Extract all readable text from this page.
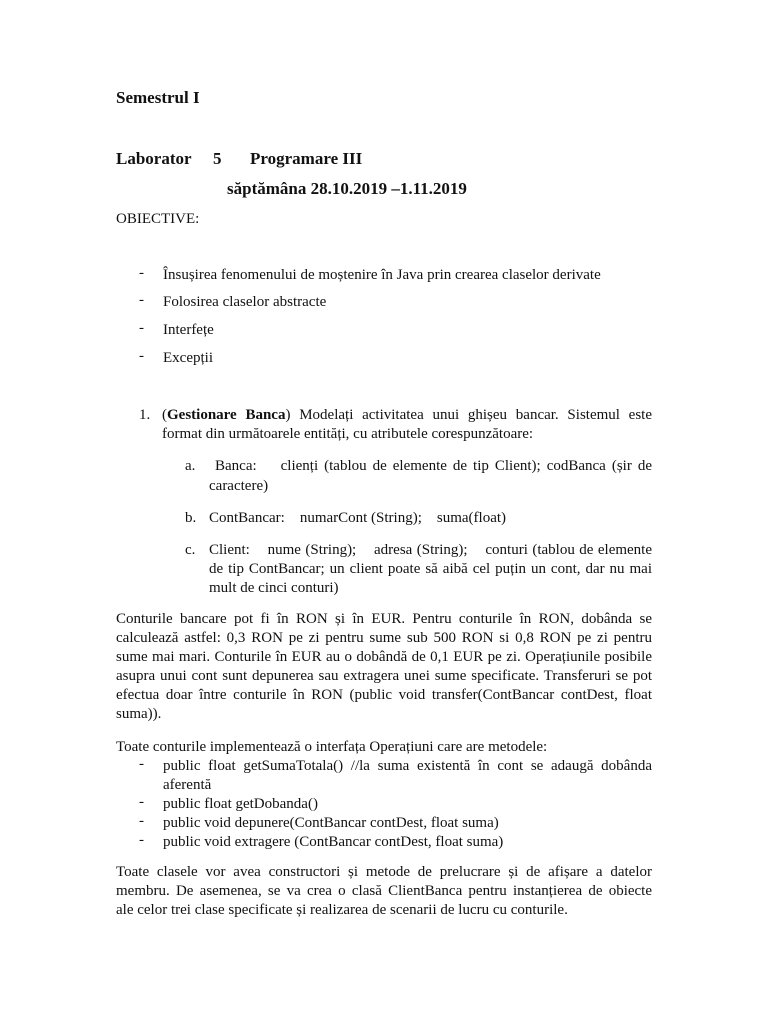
Semestrul I
Laborator 5 Programare III
săptămâna 28.10.2019 –1.11.2019
OBIECTIVE:
- Însușirea fenomenului de moștenire în Java prin crearea claselor derivate
- Folosirea claselor abstracte
- Interfețe
- Excepții
1. (Gestionare Banca) Modelați activitatea unui ghișeu bancar. Sistemul este
format din următoarele entități, cu atributele corespunzătoare:
a. Banca:    clienți (tablou de elemente de tip Client); codBanca (șir de
caractere)
b. ContBancar:    numarCont (String);    suma(float)
c. Client:    nume (String);    adresa (String);    conturi (tablou de elemente
de tip ContBancar; un client poate să aibă cel puțin un cont, dar nu mai
mult de cinci conturi)
Conturile bancare pot fi în RON și în EUR. Pentru conturile în RON, dobânda se
calculează astfel: 0,3 RON pe zi pentru sume sub 500 RON si 0,8 RON pe zi pentru
sume mai mari. Conturile în EUR au o dobândă de 0,1 EUR pe zi. Operațiunile posibile
asupra unui cont sunt depunerea sau extragera unei sume specificate. Transferuri se pot
efectua doar între conturile în RON (public void transfer(ContBancar contDest, float
suma)).
Toate conturile implementează o interfața Operațiuni care are metodele:
- public float getSumaTotala() //la suma existentă în cont se adaugă dobânda
aferentă
- public float getDobanda()
- public void depunere(ContBancar contDest, float suma)
- public void extragere (ContBancar contDest, float suma)
Toate clasele vor avea constructori și metode de prelucrare și de afișare a datelor
membru. De asemenea, se va crea o clasă ClientBanca pentru instanțierea de obiecte
ale celor trei clase specificate și realizarea de scenarii de lucru cu conturile.
